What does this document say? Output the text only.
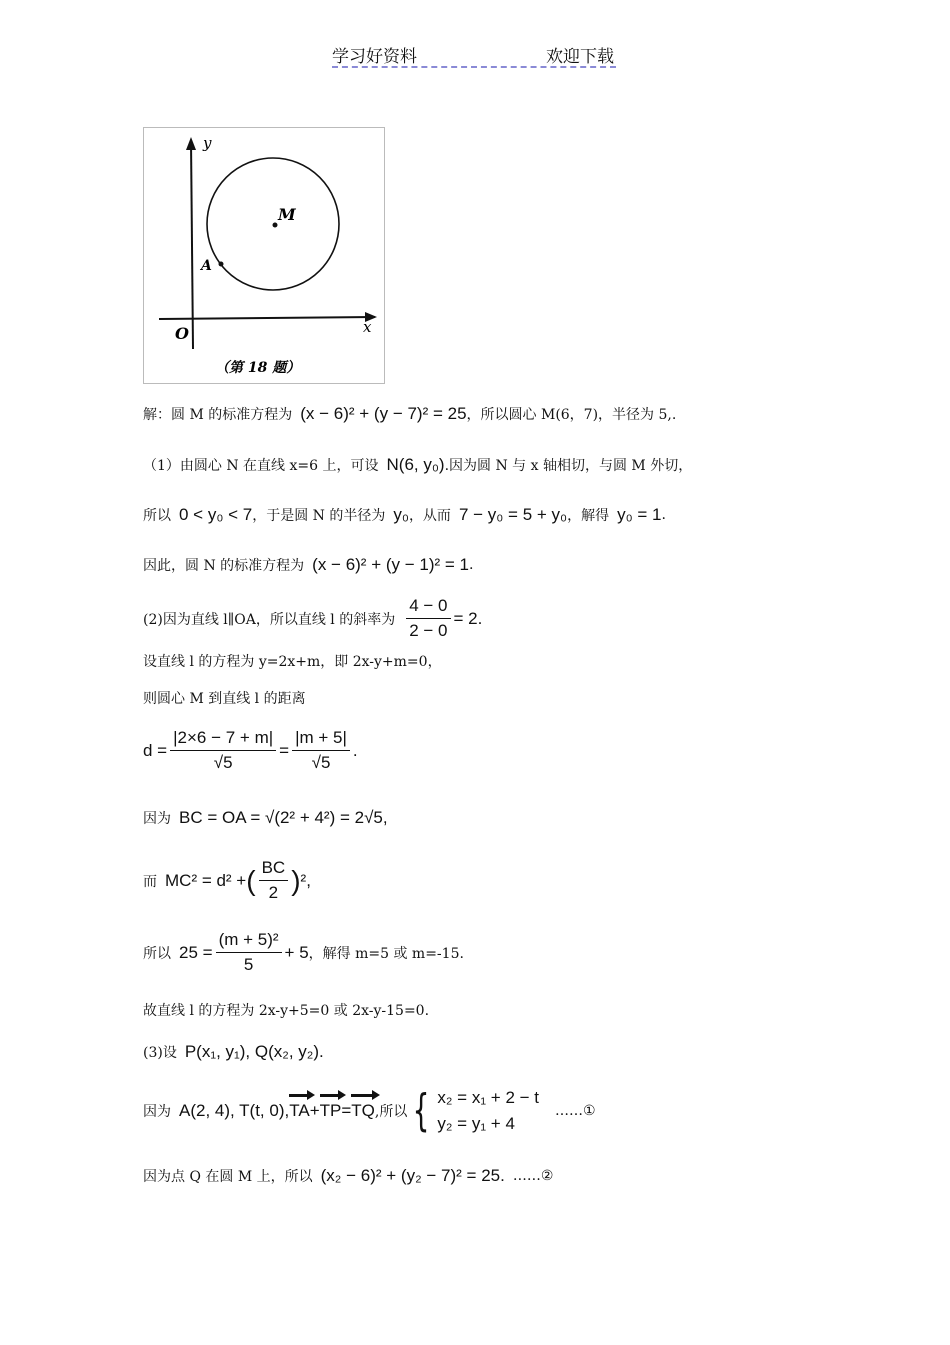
学习好资料	欢迎下载
y
x
O
M
A
（第 18 题）
解：圆 M 的标准方程为 (x − 6)² + (y − 7)² = 25 ，所以圆心 M(6，7)，半径为 5,.
（1）由圆心 N 在直线 x=6 上，可设 N(6, y₀) .因为圆 N 与 x 轴相切，与圆 M 外切，
所以 0 < y₀ < 7 ，于是圆 N 的半径为 y₀ ，从而 7 − y₀ = 5 + y₀ ，解得 y₀ = 1 .
因此，圆 N 的标准方程为 (x − 6)² + (y − 1)² = 1 .
(2)因为直线 l∥OA，所以直线 l 的斜率为 $\frac{4 - 0}{2 - 0} = 2$.
设直线 l 的方程为 y=2x+m，即 2x-y+m=0，
则圆心 M 到直线 l 的距离
$d = \frac{|2\times 6 - 7 + m|}{√5} = \frac{|m + 5|}{√5}$ .
因为 BC = OA = √(2² + 4²) = 2√5,
而 MC² = d² + ( $\frac{BC}{2}$ ) ²,
所以 $25 = \frac{\text{(m + 5)²}}{5} + 5$ ，解得 m=5 或 m=-15.
故直线 l 的方程为 2x-y+5=0 或 2x-y-15=0.
(3)设 P(x₁, y₁), Q(x₂, y₂).
因为 A(2, 4), T(t, 0), TA + TP = TQ ,所以 { x₂ = x₁ + 2 − t
y₂ = y₁ + 4
……①
因为点 Q 在圆 M 上，所以 (x₂ − 6)² + (y₂ − 7)² = 25. ……②
